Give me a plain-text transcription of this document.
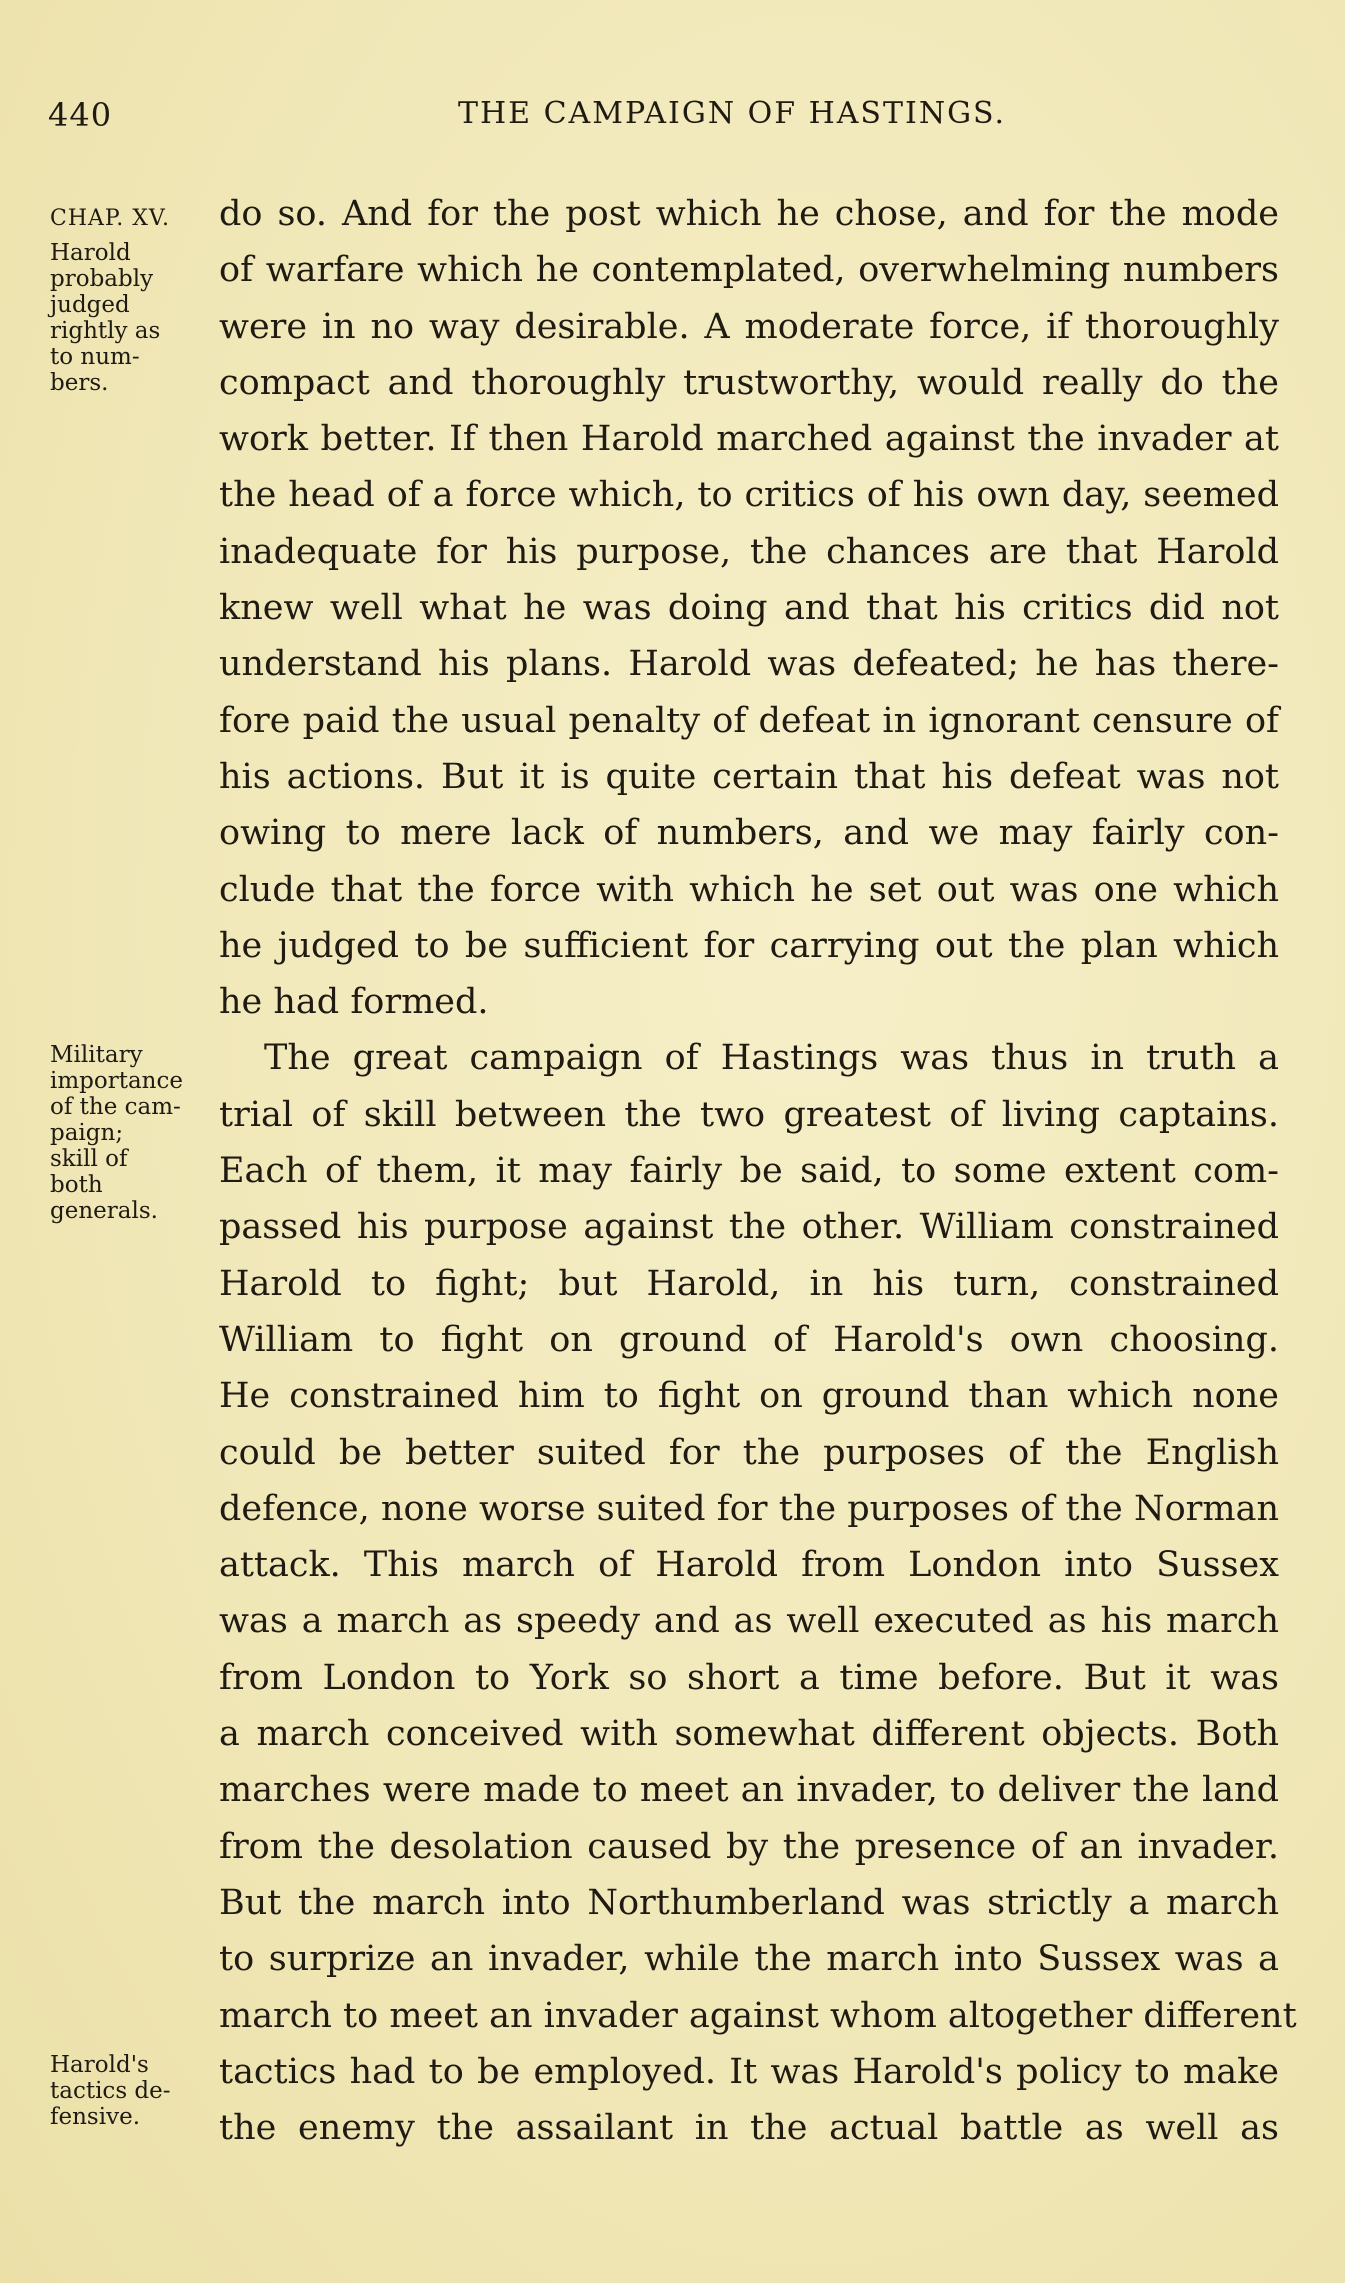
440	THE CAMPAIGN OF HASTINGS.
CHAP. XV.
Harold
probably
judged
rightly as
to num-
bers.
Military
importance
of the cam-
paign;
skill of
both
generals.
Harold's
tactics de-
fensive.
do so. And for the post which he chose, and for the mode
of warfare which he contemplated, overwhelming numbers
were in no way desirable. A moderate force, if thoroughly
compact and thoroughly trustworthy, would really do the
work better. If then Harold marched against the invader at
the head of a force which, to critics of his own day, seemed
inadequate for his purpose, the chances are that Harold
knew well what he was doing and that his critics did not
understand his plans. Harold was defeated; he has there-
fore paid the usual penalty of defeat in ignorant censure of
his actions. But it is quite certain that his defeat was not
owing to mere lack of numbers, and we may fairly con-
clude that the force with which he set out was one which
he judged to be sufficient for carrying out the plan which
he had formed.
The great campaign of Hastings was thus in truth a
trial of skill between the two greatest of living captains.
Each of them, it may fairly be said, to some extent com-
passed his purpose against the other. William constrained
Harold to fight; but Harold, in his turn, constrained
William to fight on ground of Harold's own choosing.
He constrained him to fight on ground than which none
could be better suited for the purposes of the English
defence, none worse suited for the purposes of the Norman
attack. This march of Harold from London into Sussex
was a march as speedy and as well executed as his march
from London to York so short a time before. But it was
a march conceived with somewhat different objects. Both
marches were made to meet an invader, to deliver the land
from the desolation caused by the presence of an invader.
But the march into Northumberland was strictly a march
to surprize an invader, while the march into Sussex was a
march to meet an invader against whom altogether different
tactics had to be employed. It was Harold's policy to make
the enemy the assailant in the actual battle as well as
